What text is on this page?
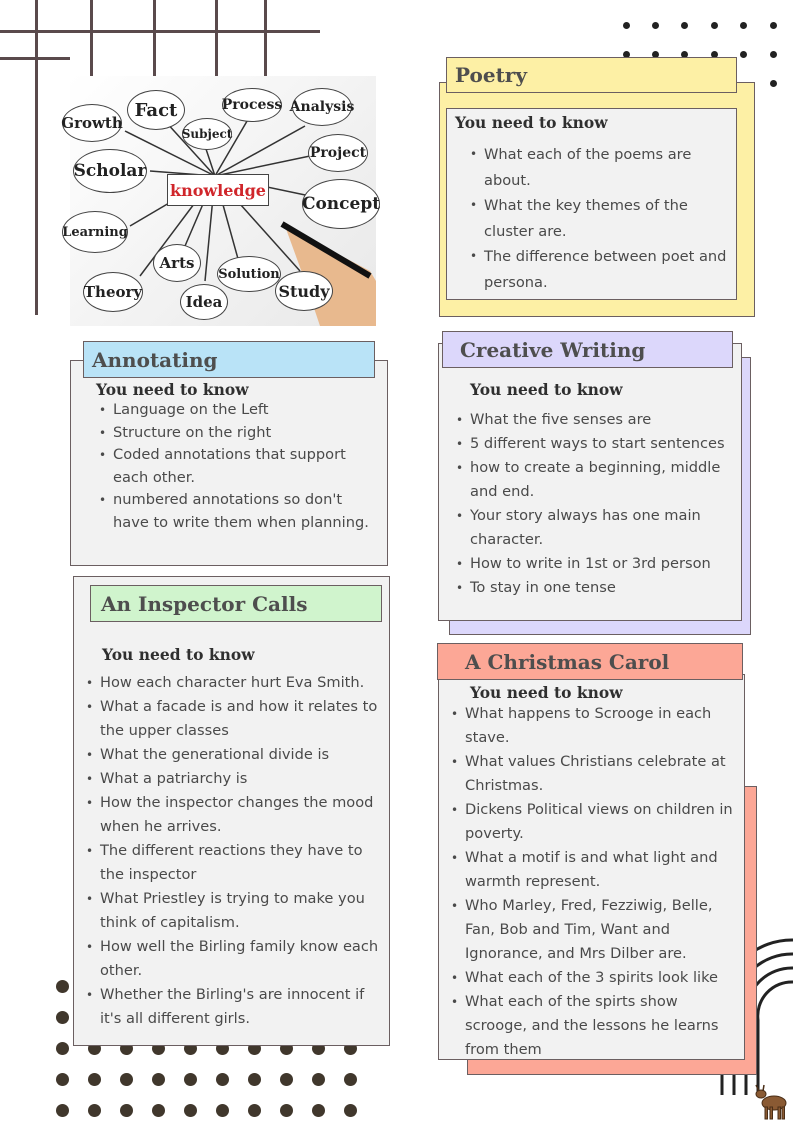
knowledge
Growth
Fact
Subject
Process Analysis
Project
Scholar
Concept
Learning
Arts
Solution
Theory
Idea
Study
Poetry
You need to know
• What each of the poems are about.
• What the key themes of the cluster are.
• The difference between poet and persona.
Annotating
You need to know
• Language on the Left
• Structure on the right
• Coded annotations that support each other.
• numbered annotations so don't have to write them when planning.
Creative Writing
You need to know
• What the five senses are
• 5 different ways to start sentences
• how to create a beginning, middle and end.
• Your story always has one main character.
• How to write in 1st or 3rd person
• To stay in one tense
An Inspector Calls
You need to know
• How each character hurt Eva Smith.
• What a facade is and how it relates to the upper classes
• What the generational divide is
• What a patriarchy is
• How the inspector changes the mood when he arrives.
• The different reactions they have to the inspector
• What Priestley is trying to make you think of capitalism.
• How well the Birling family know each other.
• Whether the Birling's are innocent if it's all different girls.
A Christmas Carol
You need to know
• What happens to Scrooge in each stave.
• What values Christians celebrate at Christmas.
• Dickens Political views on children in poverty.
• What a motif is and what light and warmth represent.
• Who Marley, Fred, Fezziwig, Belle, Fan, Bob and Tim, Want and Ignorance, and Mrs Dilber are.
• What each of the 3 spirits look like
• What each of the spirts show scrooge, and the lessons he learns from them
